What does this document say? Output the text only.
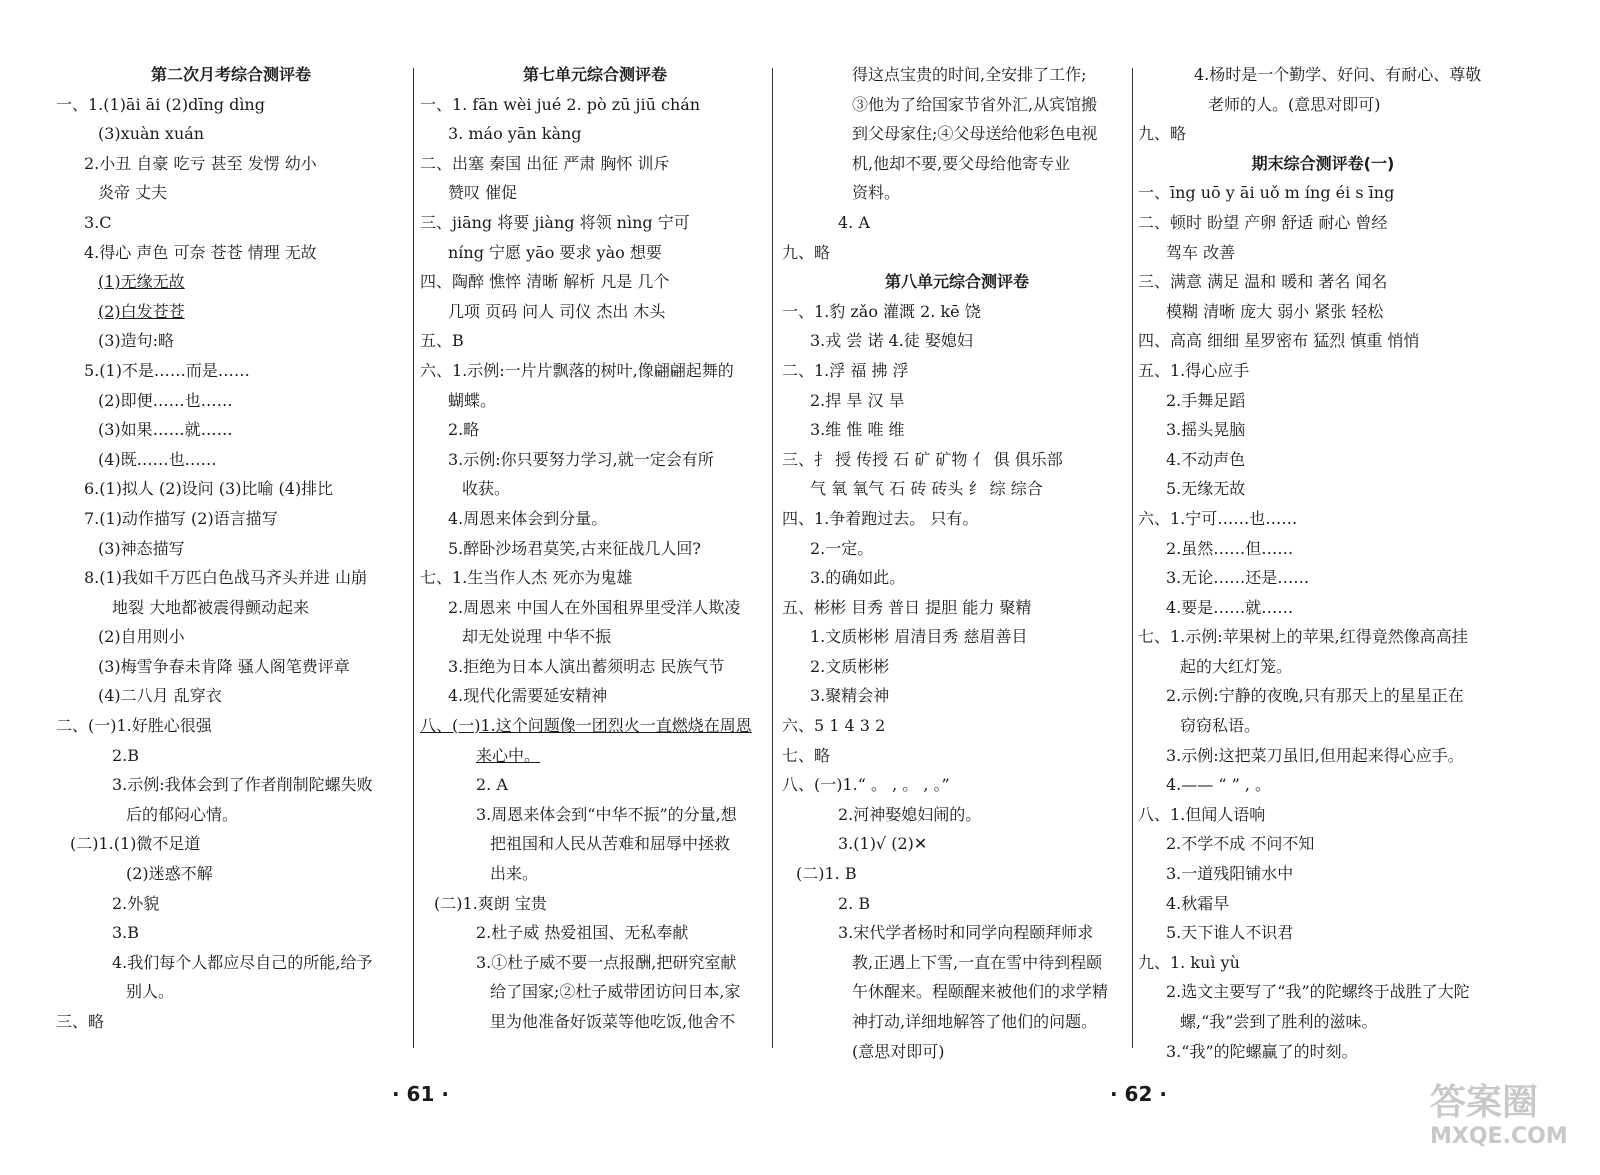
第二次月考综合测评卷
一、1.(1)āi āi (2)dīng dìng
(3)xuàn xuán
2.小丑 自豪 吃亏 甚至 发愣 幼小
炎帝 丈夫
3.C
4.得心 声色 可奈 苍苍 情理 无故
(1)无缘无故
(2)白发苍苍
(3)造句:略
5.(1)不是……而是……
(2)即便……也……
(3)如果……就……
(4)既……也……
6.(1)拟人 (2)设问 (3)比喻 (4)排比
7.(1)动作描写 (2)语言描写
(3)神态描写
8.(1)我如千万匹白色战马齐头并进 山崩
地裂 大地都被震得颤动起来
(2)自用则小
(3)梅雪争春未肯降 骚人阁笔费评章
(4)二八月 乱穿衣
二、(一)1.好胜心很强
2.B
3.示例:我体会到了作者削制陀螺失败
后的郁闷心情。
(二)1.(1)微不足道
(2)迷惑不解
2.外貌
3.B
4.我们每个人都应尽自己的所能,给予
别人。
三、略
第七单元综合测评卷
一、1. fān wèi jué 2. pò zū jiū chán
3. máo yān kàng
二、出塞 秦国 出征 严肃 胸怀 训斥
赞叹 催促
三、jiāng 将要 jiàng 将领 nìng 宁可
níng 宁愿 yāo 要求 yào 想要
四、陶醉 憔悴 清晰 解析 凡是 几个
几项 页码 问人 司仪 杰出 木头
五、B
六、1.示例:一片片飘落的树叶,像翩翩起舞的
蝴蝶。
2.略
3.示例:你只要努力学习,就一定会有所
收获。
4.周恩来体会到分量。
5.醉卧沙场君莫笑,古来征战几人回?
七、1.生当作人杰 死亦为鬼雄
2.周恩来 中国人在外国租界里受洋人欺凌
却无处说理 中华不振
3.拒绝为日本人演出蓄须明志 民族气节
4.现代化需要延安精神
八、(一)1.这个问题像一团烈火一直燃烧在周恩
来心中。
2. A
3.周恩来体会到“中华不振”的分量,想
把祖国和人民从苦难和屈辱中拯救
出来。
(二)1.爽朗 宝贵
2.杜子威 热爱祖国、无私奉献
3.①杜子威不要一点报酬,把研究室献
给了国家;②杜子威带团访问日本,家
里为他准备好饭菜等他吃饭,他舍不
得这点宝贵的时间,全安排了工作;
③他为了给国家节省外汇,从宾馆搬
到父母家住;④父母送给他彩色电视
机,他却不要,要父母给他寄专业
资料。
4. A
九、略
第八单元综合测评卷
一、1.豹 zǎo 灌溉 2. kē 饶
3.戎 尝 诺 4.徒 娶媳妇
二、1.浮 福 拂 浮
2.捍 旱 汉 旱
3.维 惟 唯 维
三、扌 授 传授 石 矿 矿物 亻 俱 俱乐部
气 氧 氧气 石 砖 砖头 纟 综 综合
四、1.争着跑过去。 只有。
2.一定。
3.的确如此。
五、彬彬 目秀 普日 提胆 能力 聚精
1.文质彬彬 眉清目秀 慈眉善目
2.文质彬彬
3.聚精会神
六、5 1 4 3 2
七、略
八、(一)1.“ 。 , 。 , 。”
2.河神娶媳妇闹的。
3.(1)√ (2)✕
(二)1. B
2. B
3.宋代学者杨时和同学向程颐拜师求
教,正遇上下雪,一直在雪中待到程颐
午休醒来。程颐醒来被他们的求学精
神打动,详细地解答了他们的问题。
(意思对即可)
4.杨时是一个勤学、好问、有耐心、尊敬
老师的人。(意思对即可)
九、略
期末综合测评卷(一)
一、īng uō y āi uǒ m íng éi s īng
二、顿时 盼望 产卵 舒适 耐心 曾经
驾车 改善
三、满意 满足 温和 暖和 著名 闻名
模糊 清晰 庞大 弱小 紧张 轻松
四、高高 细细 星罗密布 猛烈 慎重 悄悄
五、1.得心应手
2.手舞足蹈
3.摇头晃脑
4.不动声色
5.无缘无故
六、1.宁可……也……
2.虽然……但……
3.无论……还是……
4.要是……就……
七、1.示例:苹果树上的苹果,红得竟然像高高挂
起的大红灯笼。
2.示例:宁静的夜晚,只有那天上的星星正在
窃窃私语。
3.示例:这把菜刀虽旧,但用起来得心应手。
4.—— “ ” , 。
八、1.但闻人语响
2.不学不成 不问不知
3.一道残阳铺水中
4.秋霜早
5.天下谁人不识君
九、1. kuì yù
2.选文主要写了“我”的陀螺终于战胜了大陀
螺,“我”尝到了胜利的滋味。
3.“我”的陀螺赢了的时刻。
· 61 ·	· 62 ·	答案圈
MXQE.COM
